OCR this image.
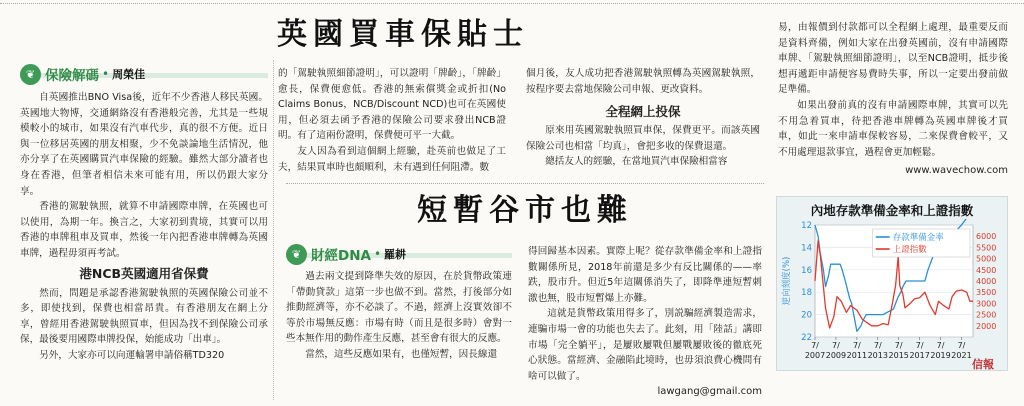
❦ 保險解碼 • 周榮佳

自英國推出BNO Visa後，近年不少香港人移民英國。英國地大物博，交通網絡沒有香港般完善，尤其是一些規模較小的城市，如果沒有汽車代步，真的很不方便。近日與一位移居英國的朋友相聚，少不免談論地生活情況，他亦分享了在英國購買汽車保險的經驗。雖然大部分讀者也身在香港，但筆者相信未來可能有用，所以仍跟大家分享。

香港的駕駛執照，就算不申請國際車牌，在英國也可以使用，為期一年。換言之，大家初到貴境，其實可以用香港的車牌租車及買車，然後一年內把香港車牌轉為英國車牌，過程毋須再考試。

港NCB英國適用省保費

然而，問題是承認香港駕駛執照的英國保險公司並不多，即使找到，保費也相當昂貴。有香港朋友在網上分享，曾經用香港駕駛執照買車，但因為找不到保險公司承保，最後要用國際車牌投保，始能成功「出車」。

另外，大家亦可以向運輸署申請俗稱TD320

英國買車保貼士

的「駕駛執照細節證明」，可以證明「牌齡」，「牌齡」愈長，保費便愈低。香港的無索償獎金或折扣(No Claims Bonus，NCB/Discount NCD)也可在英國使用，但必須去函予香港的保險公司要求發出NCB證明。有了這兩份證明，保費便可平一大截。

友人因為看到這個網上經驗，赴英前也做足了工夫，結果買車時也頗順利，未有遇到任何阻滯。數

個月後，友人成功把香港駕駛執照轉為英國駕駛執照，按程序要去當地保險公司申報、更改資料。

全程網上投保

原來用英國駕駛執照買車保，保費更平。而該英國保險公司也相當「均真」，會把多收的保費退還。

總括友人的經驗，在當地買汽車保險相當容

易，由報價到付款都可以全程網上處理，最重要反而是資料齊備，例如大家在出發英國前，沒有申請國際車牌、「駕駛執照細節證明」，以至NCB證明，抵步後想再遞距申請便容易費時失事，所以一定要出發前做足準備。

如果出發前真的沒有申請國際車牌，其實可以先不用急着買車，待把香港車牌轉為英國車牌後才買車，如此一來申請車保較容易，二來保費會較平，又不用處理退款事宜，過程會更加輕鬆。

www.wavechow.com
短暫谷市也難
❦ 財經DNA • 羅耕

過去兩文提到降準失效的原因，在於貨幣政策連「帶動貸款」這第一步也做不到。當然，打後部分如推動經濟等，亦不必談了。不過，經濟上沒實效卻不等於市場無反應：市場有時（而且是很多時）會對一些本無作用的動作產生反應，甚至會有很大的反應。

當然，這些反應如果有，也僅短暫，因長線還

得回歸基本因素。實際上呢？從存款準備金率和上證指數關係所見，2018年前還是多少有反比關係的——率跌，股市升。但近5年這關係消失了，即降準連短暫刺激也無，股市短暫爆上亦難。

這就是貨幣政策用得多了，別説騙經濟製造需求，連騙市場一會的功能也失去了。此刻，用「陸話」講即市場「完全躺平」，是屢敗屢戰但屢戰屢敗後的徹底死心狀態。當經濟、金融陷此境時，也毋須浪費心機問有啥可以做了。

lawgang@gmail.com
內地存款準備金率和上證指數
12
14
16
18
20
22
2000
2500
3000
3500
4000
4500
5000
5500
6000
7/
2007
7/
2009
7/
2011
7/
2013
7/
2015
7/
2017
7/
2019
7/
2021
逆向刻度(%)
存款準備金率
上證指數
信報
